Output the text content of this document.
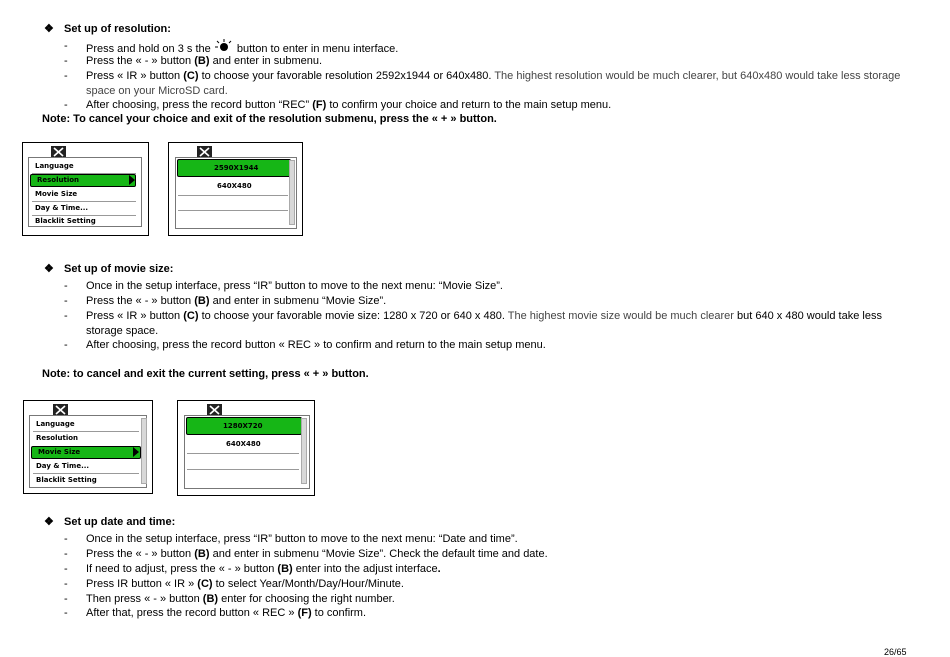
❖ Set up of resolution:
- Press and hold on 3 s the button to enter in menu interface.
- Press the « - » button (B) and enter in submenu.
- Press « IR » button (C) to choose your favorable resolution 2592x1944 or 640x480. The highest resolution would be much clearer, but 640x480 would take less storage space on your MicroSD card.
- After choosing, press the record button “REC” (F) to confirm your choice and return to the main setup menu.
Note: To cancel your choice and exit of the resolution submenu, press the « + » button.
Language
Resolution
Movie Size
Day & Time...
Blacklit Setting
2590X1944
640X480
❖ Set up of movie size:
- Once in the setup interface, press “IR” button to move to the next menu: “Movie Size”.
- Press the « - » button (B) and enter in submenu “Movie Size”.
- Press « IR » button (C) to choose your favorable movie size: 1280 x 720 or 640 x 480. The highest movie size would be much clearer but 640 x 480 would take less storage space.
- After choosing, press the record button « REC » to confirm and return to the main setup menu.
Note: to cancel and exit the current setting, press « + » button.
Language
Resolution
Movie Size
Day & Time...
Blacklit Setting
1280X720
640X480
❖ Set up date and time:
- Once in the setup interface, press “IR” button to move to the next menu: “Date and time”.
- Press the « - » button (B) and enter in submenu “Movie Size”. Check the default time and date.
- If need to adjust, press the « - » button (B) enter into the adjust interface.
- Press IR button « IR » (C) to select Year/Month/Day/Hour/Minute.
- Then press « - » button (B) enter for choosing the right number.
- After that, press the record button « REC » (F) to confirm.
26/65
